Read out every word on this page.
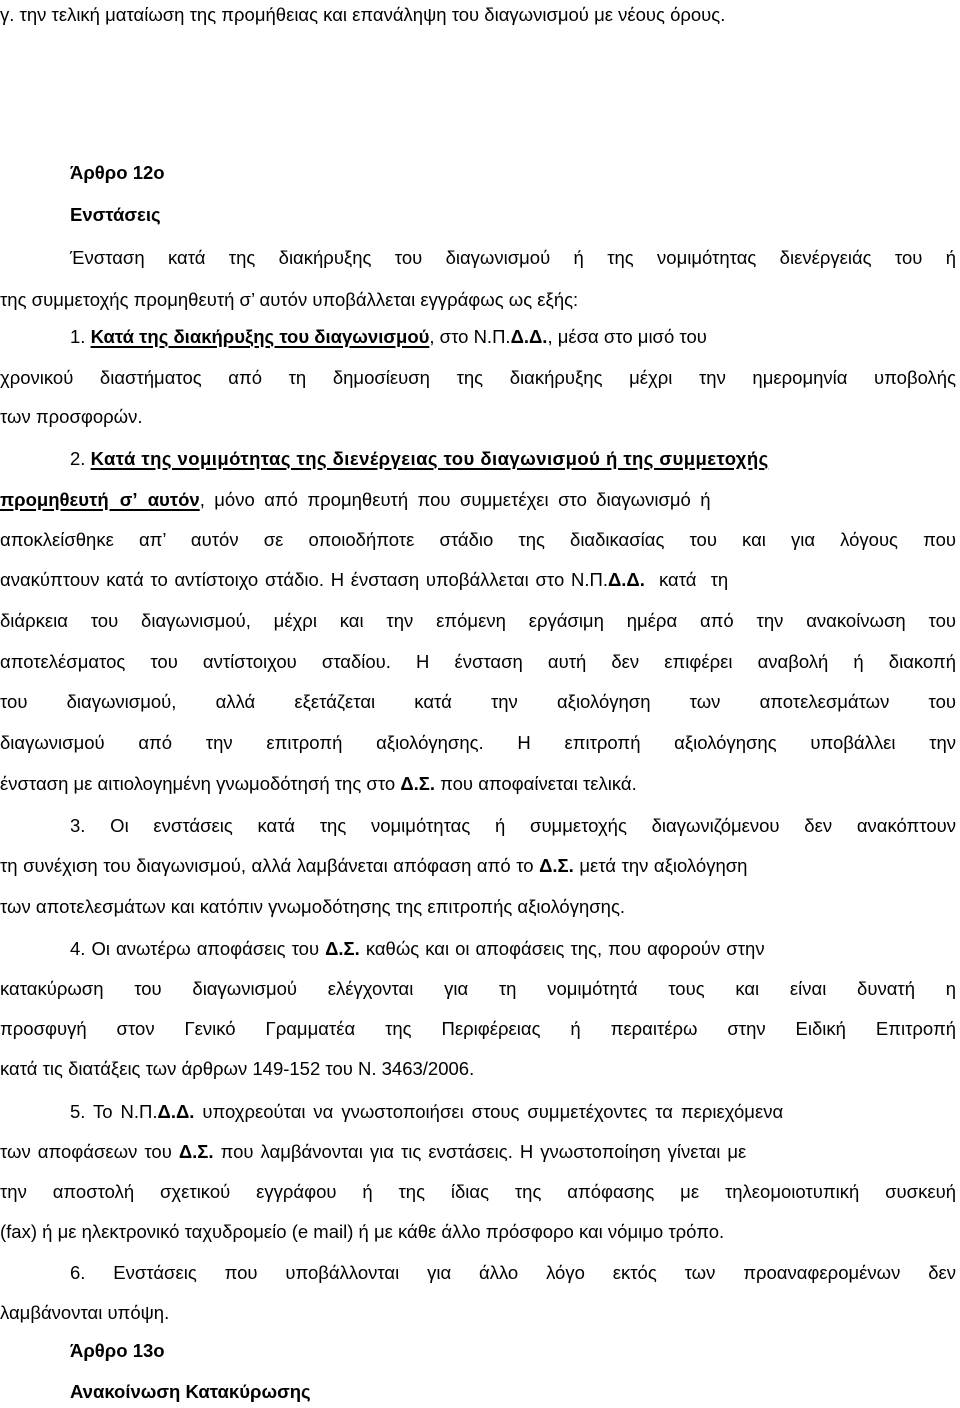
γ. την τελική ματαίωση της προμήθειας και επανάληψη του διαγωνισμού με νέους όρους.
Άρθρο 12ο
Ενστάσεις
Ένσταση κατά της διακήρυξης του διαγωνισμού ή της νομιμότητας διενέργειάς του ή
της συμμετοχής προμηθευτή σ’ αυτόν υποβάλλεται εγγράφως ως εξής:
1. Κατά της διακήρυξης του διαγωνισμού, στο Ν.Π.Δ.Δ., μέσα στο μισό του
χρονικού διαστήματος από τη δημοσίευση της διακήρυξης μέχρι την ημερομηνία υποβολής
των προσφορών.
2. Κατά της νομιμότητας της διενέργειας του διαγωνισμού ή της συμμετοχής
προμηθευτή σ’ αυτόν, μόνο από προμηθευτή που συμμετέχει στο διαγωνισμό ή
αποκλείσθηκε απ’ αυτόν σε οποιοδήποτε στάδιο της διαδικασίας του και για λόγους που
ανακύπτουν κατά το αντίστοιχο στάδιο. Η ένσταση υποβάλλεται στο Ν.Π.Δ.Δ. κατά τη
διάρκεια του διαγωνισμού, μέχρι και την επόμενη εργάσιμη ημέρα από την ανακοίνωση του
αποτελέσματος του αντίστοιχου σταδίου. Η ένσταση αυτή δεν επιφέρει αναβολή ή διακοπή
του διαγωνισμού, αλλά εξετάζεται κατά την αξιολόγηση των αποτελεσμάτων του
διαγωνισμού από την επιτροπή αξιολόγησης. Η επιτροπή αξιολόγησης υποβάλλει την
ένσταση με αιτιολογημένη γνωμοδότησή της στο Δ.Σ. που αποφαίνεται τελικά.
3. Οι ενστάσεις κατά της νομιμότητας ή συμμετοχής διαγωνιζόμενου δεν ανακόπτουν
τη συνέχιση του διαγωνισμού, αλλά λαμβάνεται απόφαση από το Δ.Σ. μετά την αξιολόγηση
των αποτελεσμάτων και κατόπιν γνωμοδότησης της επιτροπής αξιολόγησης.
4. Οι ανωτέρω αποφάσεις του Δ.Σ. καθώς και οι αποφάσεις της, που αφορούν στην
κατακύρωση του διαγωνισμού ελέγχονται για τη νομιμότητά τους και είναι δυνατή η
προσφυγή στον Γενικό Γραμματέα της Περιφέρειας ή περαιτέρω στην Ειδική Επιτροπή
κατά τις διατάξεις των άρθρων 149-152 του Ν. 3463/2006.
5. Το Ν.Π.Δ.Δ. υποχρεούται να γνωστοποιήσει στους συμμετέχοντες τα περιεχόμενα
των αποφάσεων του Δ.Σ. που λαμβάνονται για τις ενστάσεις. Η γνωστοποίηση γίνεται με
την αποστολή σχετικού εγγράφου ή της ίδιας της απόφασης με τηλεομοιοτυπική συσκευή
(fax) ή με ηλεκτρονικό ταχυδρομείο (e mail) ή με κάθε άλλο πρόσφορο και νόμιμο τρόπο.
6. Ενστάσεις που υποβάλλονται για άλλο λόγο εκτός των προαναφερομένων δεν
λαμβάνονται υπόψη.
Άρθρο 13ο
Ανακοίνωση Κατακύρωσης
